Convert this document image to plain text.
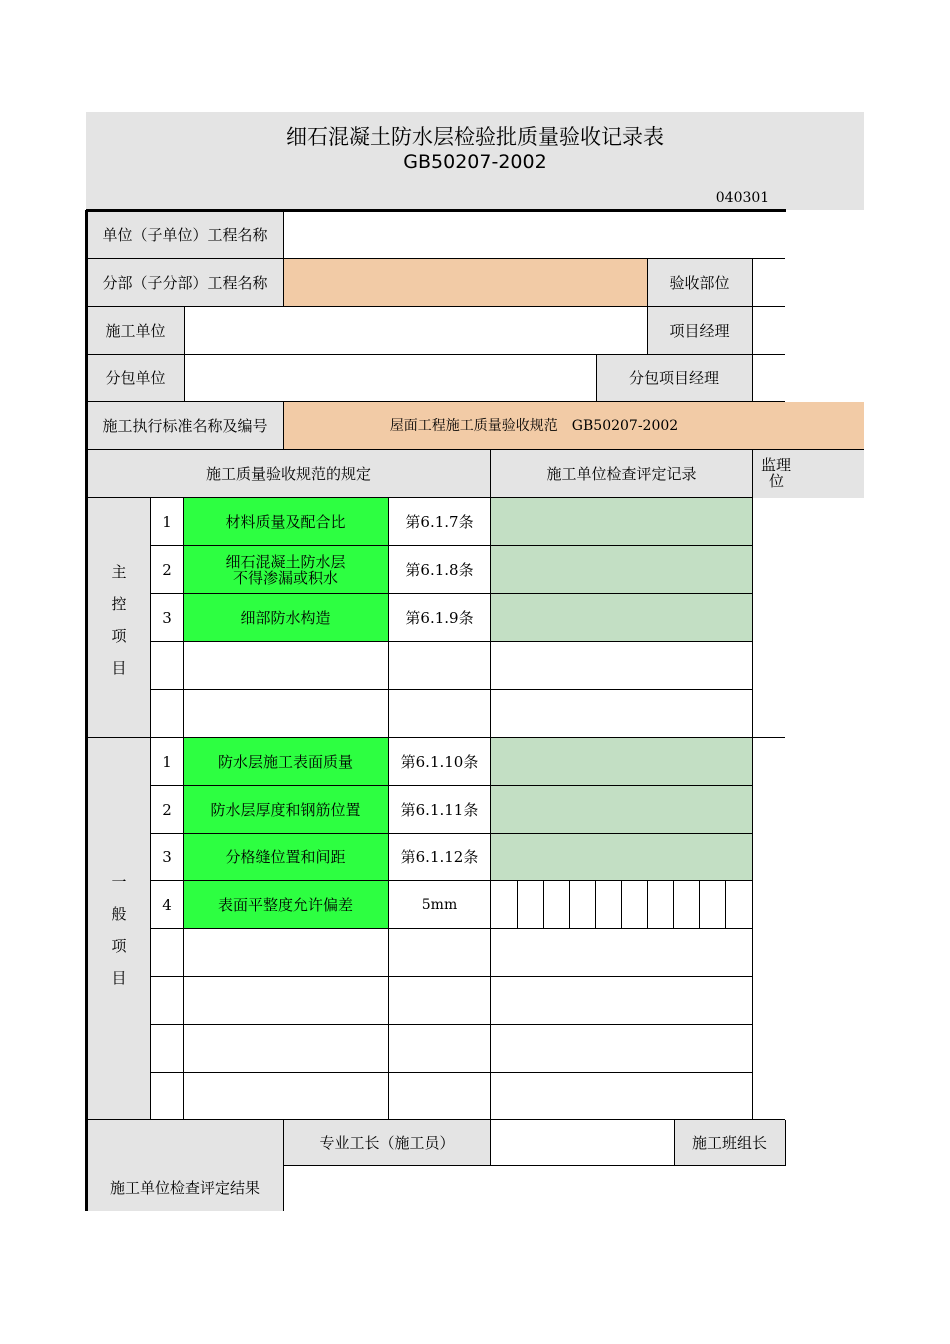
细石混凝土防水层检验批质量验收记录表
GB50207-2002
040301
单位（子单位）工程名称
分部（子分部）工程名称	验收部位
施工单位	项目经理
分包单位	分包项目经理
施工执行标准名称及编号	屋面工程施工质量验收规范　GB50207-2002
施工质量验收规范的规定	施工单位检查评定记录	监理
位
主
控
项
目
1	材料质量及配合比	第6.1.7条
2	细石混凝土防水层
不得渗漏或积水	第6.1.8条
3	细部防水构造	第6.1.9条
一
般
项
目
1	防水层施工表面质量	第6.1.10条
2	防水层厚度和钢筋位置	第6.1.11条
3	分格缝位置和间距	第6.1.12条
4	表面平整度允许偏差	5mm
专业工长（施工员）	施工班组长
施工单位检查评定结果
